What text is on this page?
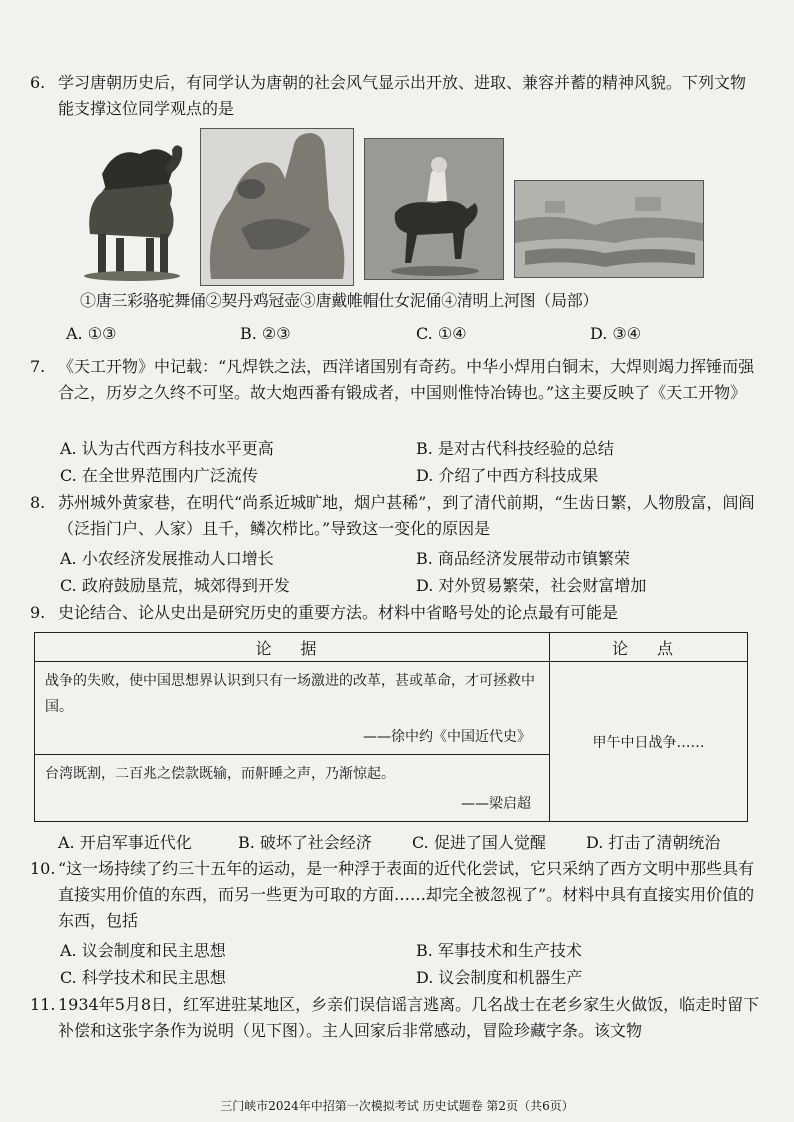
6. 学习唐朝历史后，有同学认为唐朝的社会风气显示出开放、进取、兼容并蓄的精神风貌。下列文物能支撑这位同学观点的是
①唐三彩骆驼舞俑②契丹鸡冠壶③唐戴帷帽仕女泥俑④清明上河图（局部）
A. ①③	B. ②③	C. ①④	D. ③④
7. 《天工开物》中记载：“凡焊铁之法，西洋诸国别有奇药。中华小焊用白铜末，大焊则竭力挥锤而强合之，历岁之久终不可坚。故大炮西番有锻成者，中国则惟恃冶铸也。”这主要反映了《天工开物》
A. 认为古代西方科技水平更高	B. 是对古代科技经验的总结
C. 在全世界范围内广泛流传	D. 介绍了中西方科技成果
8. 苏州城外黄家巷，在明代“尚系近城旷地，烟户甚稀”，到了清代前期，“生齿日繁，人物殷富，闾阎（泛指门户、人家）且千，鳞次栉比。”导致这一变化的原因是
A. 小农经济发展推动人口增长	B. 商品经济发展带动市镇繁荣
C. 政府鼓励垦荒，城郊得到开发	D. 对外贸易繁荣，社会财富增加
9. 史论结合、论从史出是研究历史的重要方法。材料中省略号处的论点最有可能是
论 据	论 点

战争的失败，使中国思想界认识到只有一场激进的改革，甚或革命，才可拯救中国。
——徐中约《中国近代史》	甲午中日战争……

台湾既割，二百兆之偿款既输，而鼾睡之声，乃渐惊起。
——梁启超	
A. 开启军事近代化	B. 破坏了社会经济	C. 促进了国人觉醒	D. 打击了清朝统治
10. “这一场持续了约三十五年的运动，是一种浮于表面的近代化尝试，它只采纳了西方文明中那些具有直接实用价值的东西，而另一些更为可取的方面……却完全被忽视了”。材料中具有直接实用价值的东西，包括
A. 议会制度和民主思想	B. 军事技术和生产技术
C. 科学技术和民主思想	D. 议会制度和机器生产
11. 1934年5月8日，红军进驻某地区，乡亲们误信谣言逃离。几名战士在老乡家生火做饭，临走时留下补偿和这张字条作为说明（见下图）。主人回家后非常感动，冒险珍藏字条。该文物
三门峡市2024年中招第一次模拟考试 历史试题卷 第2页（共6页）
